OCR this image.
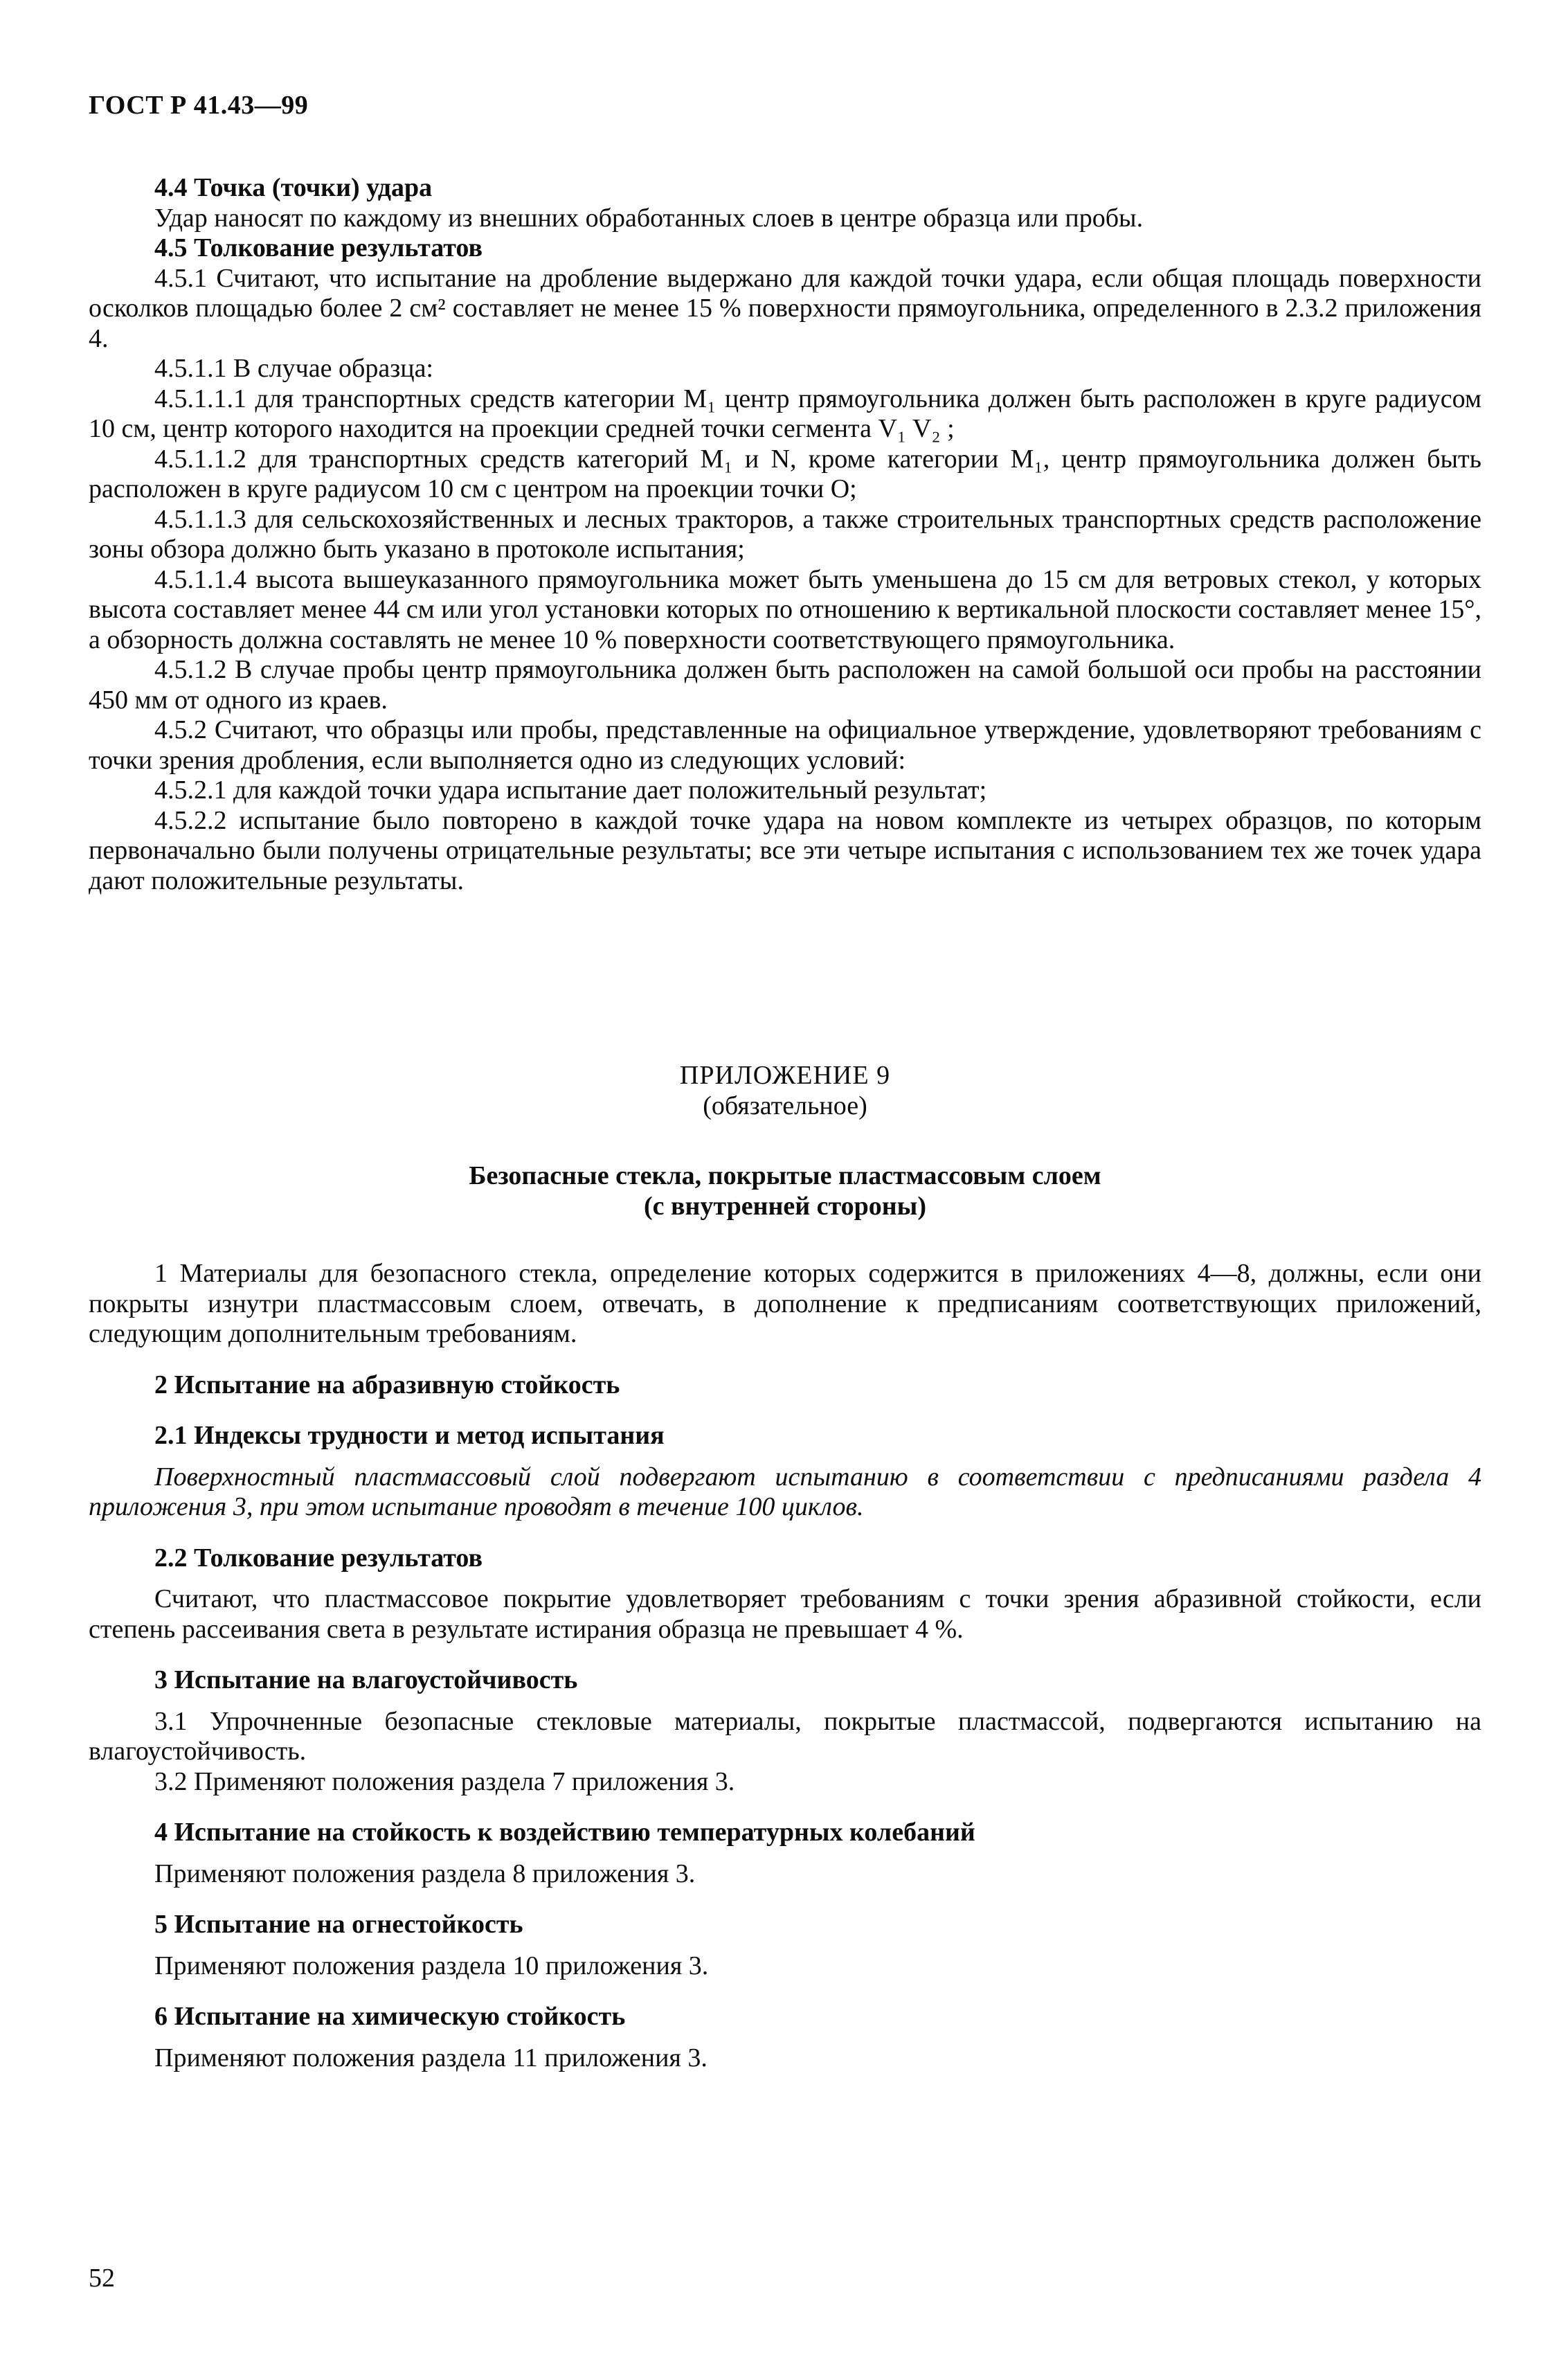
ГОСТ Р 41.43—99

4.4 Точка (точки) удара

Удар наносят по каждому из внешних обработанных слоев в центре образца или пробы.

4.5 Толкование результатов

4.5.1 Считают, что испытание на дробление выдержано для каждой точки удара, если общая площадь поверхности осколков площадью более 2 см² составляет не менее 15 % поверхности прямоугольника, определенного в 2.3.2 приложения 4.

4.5.1.1 В случае образца:

4.5.1.1.1 для транспортных средств категории М₁ центр прямоугольника должен быть расположен в круге радиусом 10 см, центр которого находится на проекции средней точки сегмента V₁ V₂ ;

4.5.1.1.2 для транспортных средств категорий М₁ и N, кроме категории М₁, центр прямоугольника должен быть расположен в круге радиусом 10 см с центром на проекции точки О;

4.5.1.1.3 для сельскохозяйственных и лесных тракторов, а также строительных транспортных средств расположение зоны обзора должно быть указано в протоколе испытания;

4.5.1.1.4 высота вышеуказанного прямоугольника может быть уменьшена до 15 см для ветровых стекол, у которых высота составляет менее 44 см или угол установки которых по отношению к вертикальной плоскости составляет менее 15°, а обзорность должна составлять не менее 10 % поверхности соответствующего прямоугольника.

4.5.1.2 В случае пробы центр прямоугольника должен быть расположен на самой большой оси пробы на расстоянии 450 мм от одного из краев.

4.5.2 Считают, что образцы или пробы, представленные на официальное утверждение, удовлетворяют требованиям с точки зрения дробления, если выполняется одно из следующих условий:

4.5.2.1 для каждой точки удара испытание дает положительный результат;

4.5.2.2 испытание было повторено в каждой точке удара на новом комплекте из четырех образцов, по которым первоначально были получены отрицательные результаты; все эти четыре испытания с использованием тех же точек удара дают положительные результаты.

ПРИЛОЖЕНИЕ 9

(обязательное)

Безопасные стекла, покрытые пластмассовым слоем

(с внутренней стороны)

1 Материалы для безопасного стекла, определение которых содержится в приложениях 4—8, должны, если они покрыты изнутри пластмассовым слоем, отвечать, в дополнение к предписаниям соответствующих приложений, следующим дополнительным требованиям.

2 Испытание на абразивную стойкость

2.1 Индексы трудности и метод испытания

Поверхностный пластмассовый слой подвергают испытанию в соответствии с предписаниями раздела 4 приложения 3, при этом испытание проводят в течение 100 циклов.

2.2 Толкование результатов

Считают, что пластмассовое покрытие удовлетворяет требованиям с точки зрения абразивной стойкости, если степень рассеивания света в результате истирания образца не превышает 4 %.

3 Испытание на влагоустойчивость

3.1 Упрочненные безопасные стекловые материалы, покрытые пластмассой, подвергаются испытанию на влагоустойчивость.

3.2 Применяют положения раздела 7 приложения 3.

4 Испытание на стойкость к воздействию температурных колебаний

Применяют положения раздела 8 приложения 3.

5 Испытание на огнестойкость

Применяют положения раздела 10 приложения 3.

6 Испытание на химическую стойкость

Применяют положения раздела 11 приложения 3.

52
